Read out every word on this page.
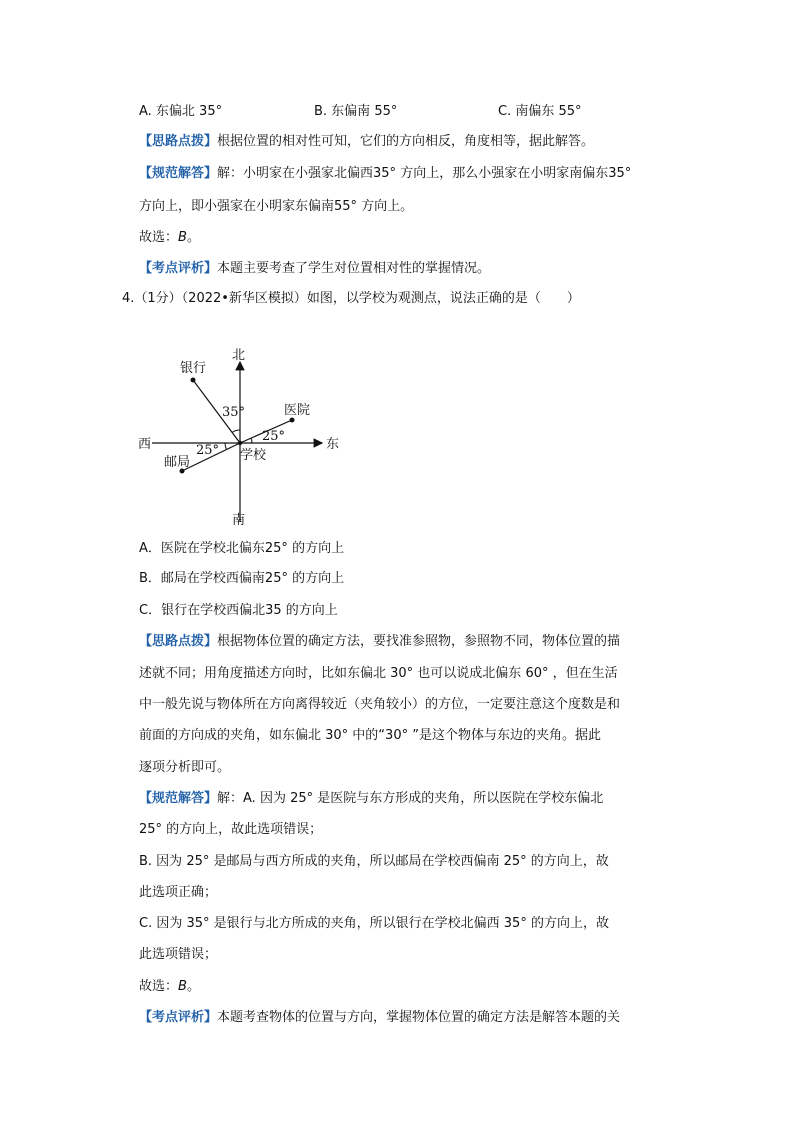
A. 东偏北 35°	B. 东偏南 55°	C. 南偏东 55°
【思路点拨】根据位置的相对性可知，它们的方向相反，角度相等，据此解答。
【规范解答】解：小明家在小强家北偏西35° 方向上，那么小强家在小明家南偏东35°
方向上，即小强家在小明家东偏南55° 方向上。
故选：B。
【考点评析】本题主要考查了学生对位置相对性的掌握情况。
4.（1分）（2022•新华区模拟）如图，以学校为观测点，说法正确的是（　　）
北
南
东
西
银行
医院
邮局	学校
35°
25°
25°
A．医院在学校北偏东25° 的方向上
B．邮局在学校西偏南25° 的方向上
C．银行在学校西偏北35 的方向上
【思路点拨】根据物体位置的确定方法，要找准参照物，参照物不同，物体位置的描
述就不同；用角度描述方向时，比如东偏北 30° 也可以说成北偏东 60° ，但在生活
中一般先说与物体所在方向离得较近（夹角较小）的方位，一定要注意这个度数是和
前面的方向成的夹角，如东偏北 30° 中的“30° ”是这个物体与东边的夹角。据此
逐项分析即可。
【规范解答】解：A. 因为 25° 是医院与东方形成的夹角，所以医院在学校东偏北
25° 的方向上，故此选项错误；
B. 因为 25° 是邮局与西方所成的夹角，所以邮局在学校西偏南 25° 的方向上，故
此选项正确；
C. 因为 35° 是银行与北方所成的夹角，所以银行在学校北偏西 35° 的方向上，故
此选项错误；
故选：B。
【考点评析】本题考查物体的位置与方向，掌握物体位置的确定方法是解答本题的关
